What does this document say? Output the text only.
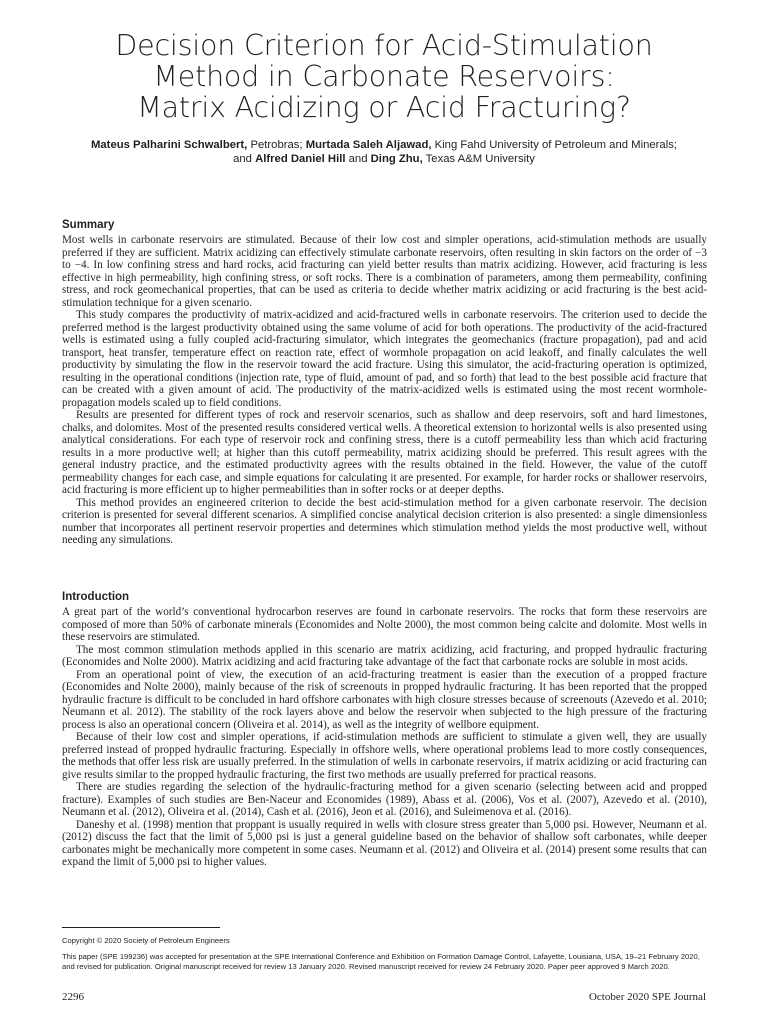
Decision Criterion for Acid-Stimulation
Method in Carbonate Reservoirs:
Matrix Acidizing or Acid Fracturing?

Mateus Palharini Schwalbert, Petrobras; Murtada Saleh Aljawad, King Fahd University of Petroleum and Minerals;
and Alfred Daniel Hill and Ding Zhu, Texas A&M University

Summary

Most wells in carbonate reservoirs are stimulated. Because of their low cost and simpler operations, acid-stimulation methods are usually preferred if they are sufficient. Matrix acidizing can effectively stimulate carbonate reservoirs, often resulting in skin factors on the order of −3 to −4. In low confining stress and hard rocks, acid fracturing can yield better results than matrix acidizing. However, acid fracturing is less effective in high permeability, high confining stress, or soft rocks. There is a combination of parameters, among them permeability, confining stress, and rock geomechanical properties, that can be used as criteria to decide whether matrix acidizing or acid fracturing is the best acid-stimulation technique for a given scenario.

This study compares the productivity of matrix-acidized and acid-fractured wells in carbonate reservoirs. The criterion used to decide the preferred method is the largest productivity obtained using the same volume of acid for both operations. The productivity of the acid-fractured wells is estimated using a fully coupled acid-fracturing simulator, which integrates the geomechanics (fracture propagation), pad and acid transport, heat transfer, temperature effect on reaction rate, effect of wormhole propagation on acid leakoff, and finally calculates the well productivity by simulating the flow in the reservoir toward the acid fracture. Using this simulator, the acid-fracturing operation is optimized, resulting in the operational conditions (injection rate, type of fluid, amount of pad, and so forth) that lead to the best possible acid fracture that can be created with a given amount of acid. The productivity of the matrix-acidized wells is estimated using the most recent wormhole-propagation models scaled up to field conditions.

Results are presented for different types of rock and reservoir scenarios, such as shallow and deep reservoirs, soft and hard limestones, chalks, and dolomites. Most of the presented results considered vertical wells. A theoretical extension to horizontal wells is also presented using analytical considerations. For each type of reservoir rock and confining stress, there is a cutoff permeability less than which acid fracturing results in a more productive well; at higher than this cutoff permeability, matrix acidizing should be preferred. This result agrees with the general industry practice, and the estimated productivity agrees with the results obtained in the field. However, the value of the cutoff permeability changes for each case, and simple equations for calculating it are presented. For example, for harder rocks or shallower reservoirs, acid fracturing is more efficient up to higher permeabilities than in softer rocks or at deeper depths.

This method provides an engineered criterion to decide the best acid-stimulation method for a given carbonate reservoir. The decision criterion is presented for several different scenarios. A simplified concise analytical decision criterion is also presented: a single dimensionless number that incorporates all pertinent reservoir properties and determines which stimulation method yields the most productive well, without needing any simulations.

Introduction

A great part of the world’s conventional hydrocarbon reserves are found in carbonate reservoirs. The rocks that form these reservoirs are composed of more than 50% of carbonate minerals (Economides and Nolte 2000), the most common being calcite and dolomite. Most wells in these reservoirs are stimulated.

The most common stimulation methods applied in this scenario are matrix acidizing, acid fracturing, and propped hydraulic fracturing (Economides and Nolte 2000). Matrix acidizing and acid fracturing take advantage of the fact that carbonate rocks are soluble in most acids.

From an operational point of view, the execution of an acid-fracturing treatment is easier than the execution of a propped fracture (Economides and Nolte 2000), mainly because of the risk of screenouts in propped hydraulic fracturing. It has been reported that the propped hydraulic fracture is difficult to be concluded in hard offshore carbonates with high closure stresses because of screenouts (Azevedo et al. 2010; Neumann et al. 2012). The stability of the rock layers above and below the reservoir when subjected to the high pressure of the fracturing process is also an operational concern (Oliveira et al. 2014), as well as the integrity of wellbore equipment.

Because of their low cost and simpler operations, if acid-stimulation methods are sufficient to stimulate a given well, they are usually preferred instead of propped hydraulic fracturing. Especially in offshore wells, where operational problems lead to more costly consequences, the methods that offer less risk are usually preferred. In the stimulation of wells in carbonate reservoirs, if matrix acidizing or acid fracturing can give results similar to the propped hydraulic fracturing, the first two methods are usually preferred for practical reasons.

There are studies regarding the selection of the hydraulic-fracturing method for a given scenario (selecting between acid and propped fracture). Examples of such studies are Ben-Naceur and Economides (1989), Abass et al. (2006), Vos et al. (2007), Azevedo et al. (2010), Neumann et al. (2012), Oliveira et al. (2014), Cash et al. (2016), Jeon et al. (2016), and Suleimenova et al. (2016).

Daneshy et al. (1998) mention that proppant is usually required in wells with closure stress greater than 5,000 psi. However, Neumann et al. (2012) discuss the fact that the limit of 5,000 psi is just a general guideline based on the behavior of shallow soft carbonates, while deeper carbonates might be mechanically more competent in some cases. Neumann et al. (2012) and Oliveira et al. (2014) present some results that can expand the limit of 5,000 psi to higher values.

Copyright © 2020 Society of Petroleum Engineers

This paper (SPE 199236) was accepted for presentation at the SPE International Conference and Exhibition on Formation Damage Control, Lafayette, Louisiana, USA, 19–21 February 2020, and revised for publication. Original manuscript received for review 13 January 2020. Revised manuscript received for review 24 February 2020. Paper peer approved 9 March 2020.

2296	October 2020 SPE Journal
